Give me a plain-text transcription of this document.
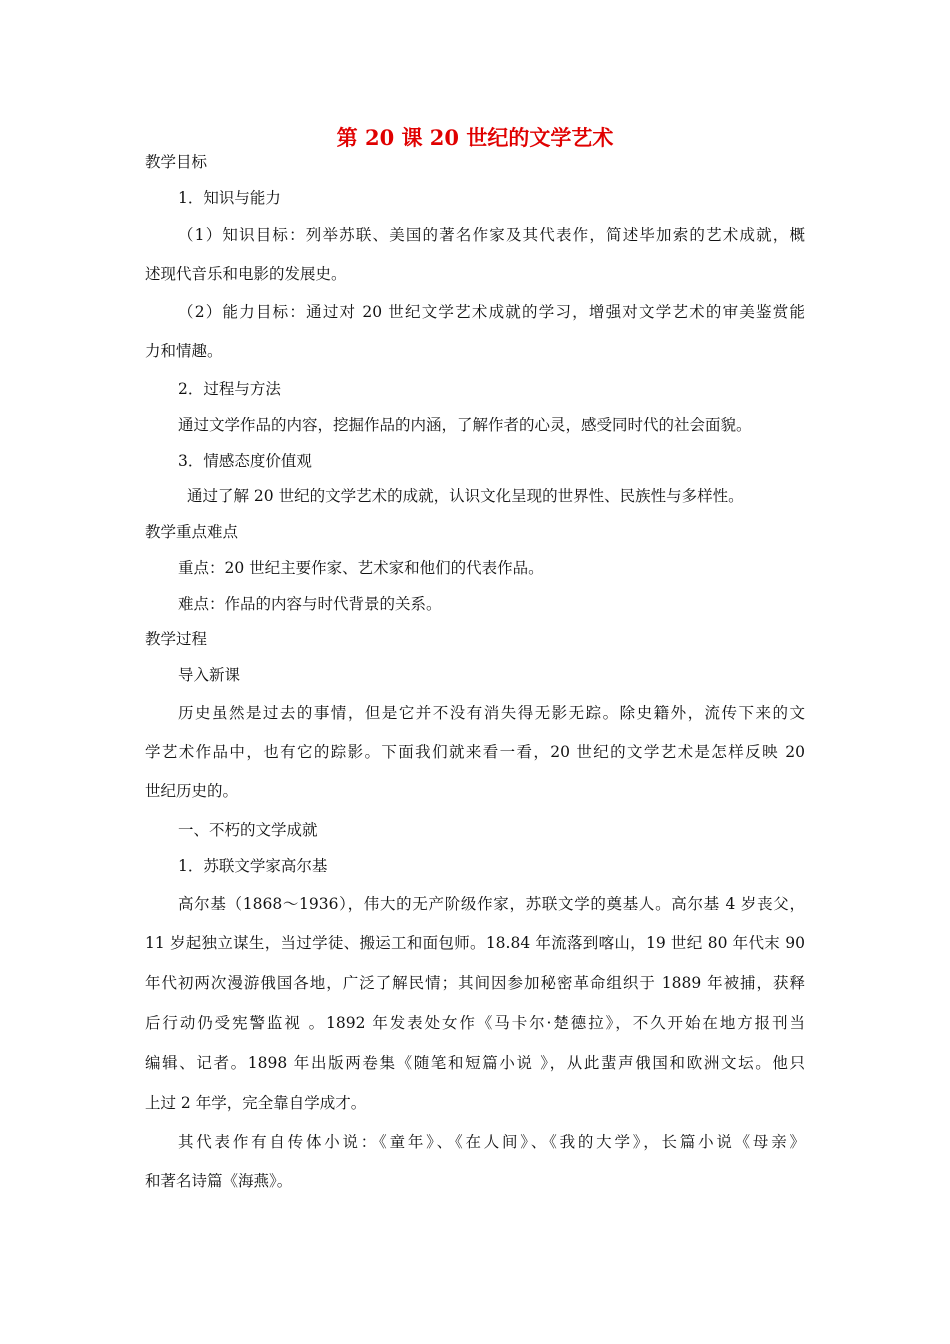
第 20 课 20 世纪的文学艺术
教学目标
1．知识与能力
（1）知识目标：列举苏联、美国的著名作家及其代表作，简述毕加索的艺术成就，概
述现代音乐和电影的发展史。
（2）能力目标：通过对 20 世纪文学艺术成就的学习，增强对文学艺术的审美鉴赏能
力和情趣。
2．过程与方法
通过文学作品的内容，挖掘作品的内涵，了解作者的心灵，感受同时代的社会面貌。
3．情感态度价值观
通过了解 20 世纪的文学艺术的成就，认识文化呈现的世界性、民族性与多样性。
教学重点难点
重点：20 世纪主要作家、艺术家和他们的代表作品。
难点：作品的内容与时代背景的关系。
教学过程
导入新课
历史虽然是过去的事情，但是它并不没有消失得无影无踪。除史籍外，流传下来的文
学艺术作品中，也有它的踪影。下面我们就来看一看，20 世纪的文学艺术是怎样反映 20
世纪历史的。
一、不朽的文学成就
1．苏联文学家高尔基
高尔基（1868～1936），伟大的无产阶级作家，苏联文学的奠基人。高尔基 4 岁丧父，
11 岁起独立谋生，当过学徒、搬运工和面包师。18.84 年流落到喀山，19 世纪 80 年代末 90
年代初两次漫游俄国各地，广泛了解民情；其间因参加秘密革命组织于 1889 年被捕，获释
后行动仍受宪警监视 。1892 年发表处女作《马卡尔·楚德拉》，不久开始在地方报刊当
编辑、记者。1898 年出版两卷集《随笔和短篇小说 》，从此蜚声俄国和欧洲文坛。他只
上过 2 年学，完全靠自学成才。
其代表作有自传体小说：《童年》、《在人间》、《我的大学》，长篇小说《母亲》
和著名诗篇《海燕》。
